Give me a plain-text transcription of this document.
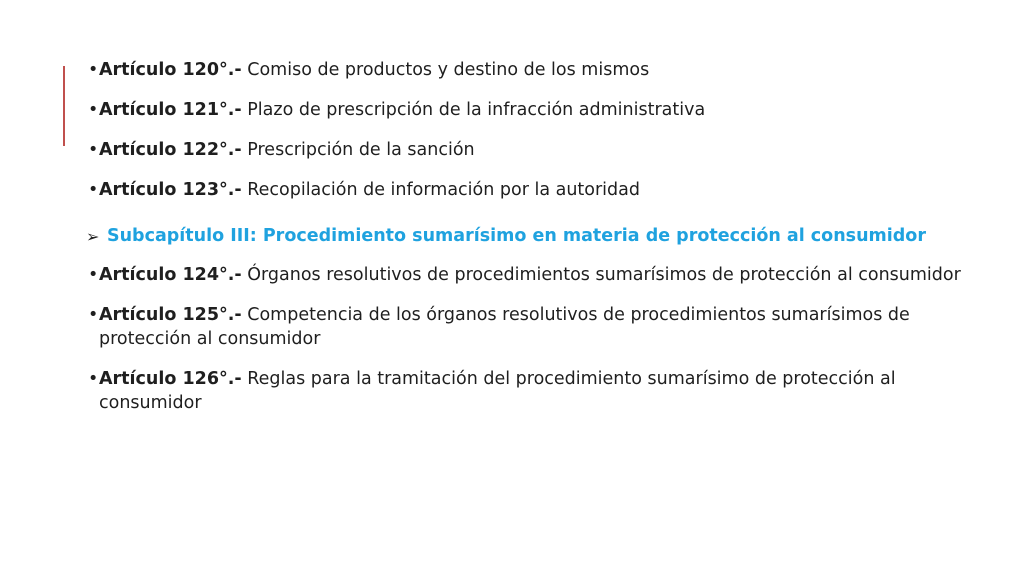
• Artículo 120°.- Comiso de productos y destino de los mismos
• Artículo 121°.- Plazo de prescripción de la infracción administrativa
• Artículo 122°.- Prescripción de la sanción
• Artículo 123°.- Recopilación de información por la autoridad
➢ Subcapítulo III: Procedimiento sumarísimo en materia de protección al consumidor
• Artículo 124°.- Órganos resolutivos de procedimientos sumarísimos de protección al consumidor
• Artículo 125°.- Competencia de los órganos resolutivos de procedimientos sumarísimos de protección al consumidor
• Artículo 126°.- Reglas para la tramitación del procedimiento sumarísimo de protección al consumidor
